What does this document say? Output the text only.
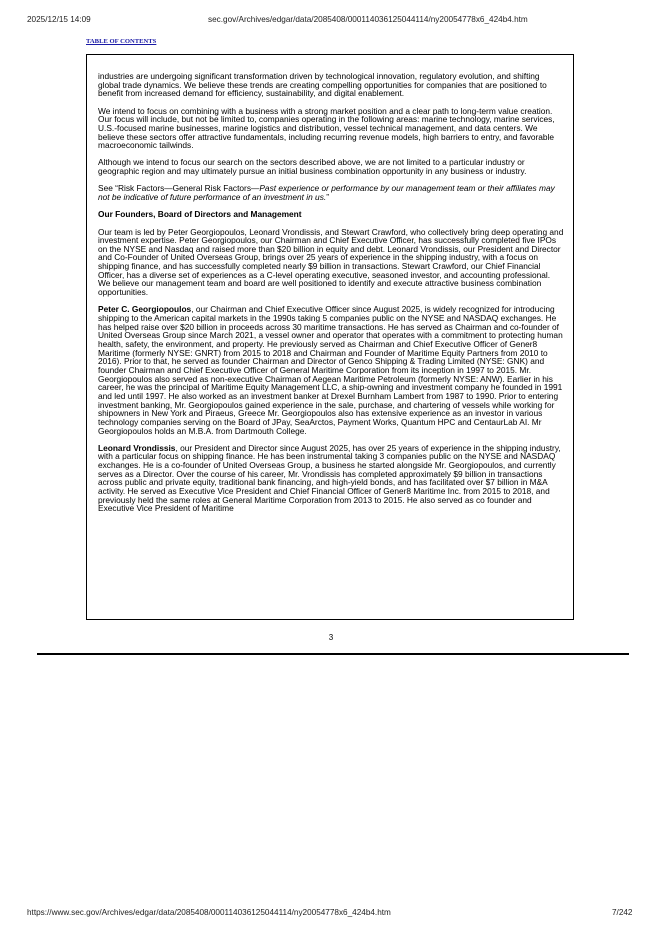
2025/12/15 14:09	sec.gov/Archives/edgar/data/2085408/000114036125044114/ny20054778x6_424b4.htm
TABLE OF CONTENTS

industries are undergoing significant transformation driven by technological innovation, regulatory evolution, and shifting global trade dynamics. We believe these trends are creating compelling opportunities for companies that are positioned to benefit from increased demand for efficiency, sustainability, and digital enablement.

We intend to focus on combining with a business with a strong market position and a clear path to long-term value creation. Our focus will include, but not be limited to, companies operating in the following areas: marine technology, marine services, U.S.-focused marine businesses, marine logistics and distribution, vessel technical management, and data centers. We believe these sectors offer attractive fundamentals, including recurring revenue models, high barriers to entry, and favorable macroeconomic tailwinds.

Although we intend to focus our search on the sectors described above, we are not limited to a particular industry or geographic region and may ultimately pursue an initial business combination opportunity in any business or industry.

See “Risk Factors—General Risk Factors—Past experience or performance by our management team or their affiliates may not be indicative of future performance of an investment in us.”

Our Founders, Board of Directors and Management

Our team is led by Peter Georgiopoulos, Leonard Vrondissis, and Stewart Crawford, who collectively bring deep operating and investment expertise. Peter Georgiopoulos, our Chairman and Chief Executive Officer, has successfully completed five IPOs on the NYSE and Nasdaq and raised more than $20 billion in equity and debt. Leonard Vrondissis, our President and Director and Co-Founder of United Overseas Group, brings over 25 years of experience in the shipping industry, with a focus on shipping finance, and has successfully completed nearly $9 billion in transactions. Stewart Crawford, our Chief Financial Officer, has a diverse set of experiences as a C-level operating executive, seasoned investor, and accounting professional. We believe our management team and board are well positioned to identify and execute attractive business combination opportunities.

Peter C. Georgiopoulos, our Chairman and Chief Executive Officer since August 2025, is widely recognized for introducing shipping to the American capital markets in the 1990s taking 5 companies public on the NYSE and NASDAQ exchanges. He has helped raise over $20 billion in proceeds across 30 maritime transactions. He has served as Chairman and co-founder of United Overseas Group since March 2021, a vessel owner and operator that operates with a commitment to protecting human health, safety, the environment, and property. He previously served as Chairman and Chief Executive Officer of Gener8 Maritime (formerly NYSE: GNRT) from 2015 to 2018 and Chairman and Founder of Maritime Equity Partners from 2010 to 2016). Prior to that, he served as founder Chairman and Director of Genco Shipping & Trading Limited (NYSE: GNK) and founder Chairman and Chief Executive Officer of General Maritime Corporation from its inception in 1997 to 2015. Mr. Georgiopoulos also served as non-executive Chairman of Aegean Maritime Petroleum (formerly NYSE: ANW). Earlier in his career, he was the principal of Maritime Equity Management LLC, a ship-owning and investment company he founded in 1991 and led until 1997. He also worked as an investment banker at Drexel Burnham Lambert from 1987 to 1990. Prior to entering investment banking, Mr. Georgiopoulos gained experience in the sale, purchase, and chartering of vessels while working for shipowners in New York and Piraeus, Greece Mr. Georgiopoulos also has extensive experience as an investor in various technology companies serving on the Board of JPay, SeaArctos, Payment Works, Quantum HPC and CentaurLab AI. Mr Georgiopoulos holds an M.B.A. from Dartmouth College.

Leonard Vrondissis, our President and Director since August 2025, has over 25 years of experience in the shipping industry, with a particular focus on shipping finance. He has been instrumental taking 3 companies public on the NYSE and NASDAQ exchanges. He is a co-founder of United Overseas Group, a business he started alongside Mr. Georgiopoulos, and currently serves as a Director. Over the course of his career, Mr. Vrondissis has completed approximately $9 billion in transactions across public and private equity, traditional bank financing, and high-yield bonds, and has facilitated over $7 billion in M&A activity. He served as Executive Vice President and Chief Financial Officer of Gener8 Maritime Inc. from 2015 to 2018, and previously held the same roles at General Maritime Corporation from 2013 to 2015. He also served as co founder and Executive Vice President of Maritime

3
https://www.sec.gov/Archives/edgar/data/2085408/000114036125044114/ny20054778x6_424b4.htm	7/242
